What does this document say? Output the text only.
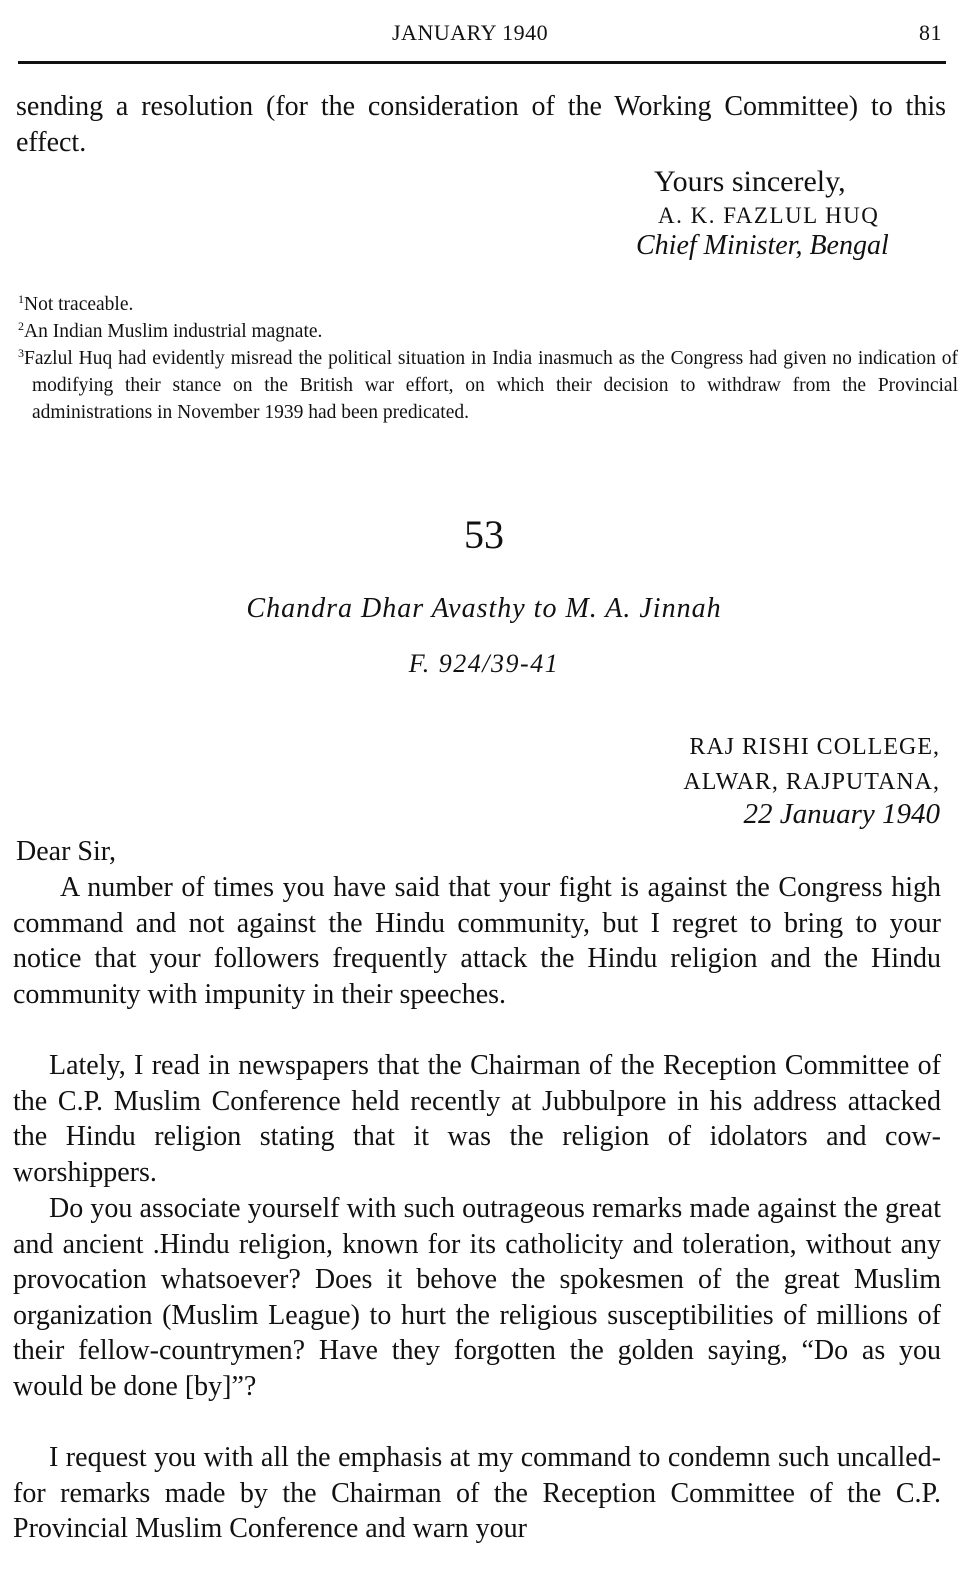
JANUARY 1940	81
sending a resolution (for the consideration of the Working Committee) to this effect.
Yours sincerely,
A. K. FAZLUL HUQ
Chief Minister, Bengal
$^1$Not traceable.
$^2$An Indian Muslim industrial magnate.
$^3$Fazlul Huq had evidently misread the political situation in India inasmuch as the Congress had given no indication of modifying their stance on the British war effort, on which their decision to withdraw from the Provincial administrations in November 1939 had been predicated.
53
Chandra Dhar Avasthy to M. A. Jinnah
F. 924/39-41
RAJ RISHI COLLEGE,
ALWAR, RAJPUTANA,
22 January 1940
Dear Sir,

A number of times you have said that your fight is against the Congress high command and not against the Hindu community, but I regret to bring to your notice that your followers frequently attack the Hindu religion and the Hindu community with impunity in their speeches.

Lately, I read in newspapers that the Chairman of the Reception Committee of the C.P. Muslim Conference held recently at Jubbulpore in his address attacked the Hindu religion stating that it was the religion of idolators and cow-worshippers.

Do you associate yourself with such outrageous remarks made against the great and ancient .Hindu religion, known for its catholicity and toleration, without any provocation whatsoever? Does it behove the spokesmen of the great Muslim organization (Muslim League) to hurt the religious susceptibilities of millions of their fellow-countrymen? Have they forgotten the golden saying, “Do as you would be done [by]”?

I request you with all the emphasis at my command to condemn such uncalled-for remarks made by the Chairman of the Reception Committee of the C.P. Provincial Muslim Conference and warn your
